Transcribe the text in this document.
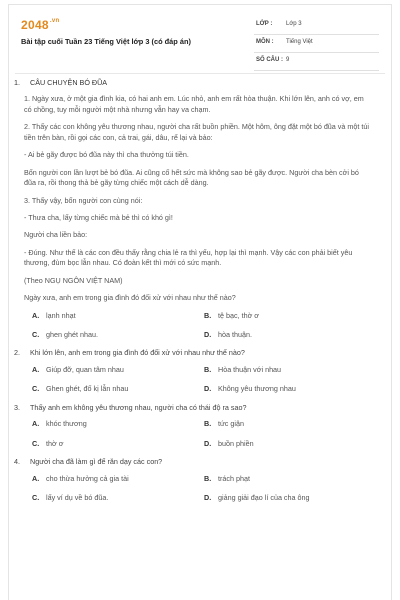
$2048^{.vn}$
Bài tập cuối Tuần 23 Tiếng Việt lớp 3 (có đáp án)
LỚP : Lớp 3
MÔN : Tiếng Việt
SỐ CÂU : 9
1. CÂU CHUYỆN BÓ ĐŨA
1. Ngày xưa, ở một gia đình kia, có hai anh em. Lúc nhỏ, anh em rất hòa thuận. Khi lớn lên, anh có vợ, em có chồng, tuy mỗi người một nhà nhưng vẫn hay va chạm.
2. Thấy các con không yêu thương nhau, người cha rất buồn phiền. Một hôm, ông đặt một bó đũa và một túi tiền trên bàn, rồi gọi các con, cả trai, gái, dâu, rể lại và bảo:
- Ai bẻ gãy được bó đũa này thì cha thưởng túi tiền.
Bốn người con lần lượt bẻ bó đũa. Ai cũng cố hết sức mà không sao bẻ gãy được. Người cha bèn cởi bó đũa ra, rồi thong thả bẻ gãy từng chiếc một cách dễ dàng.
3. Thấy vậy, bốn người con cùng nói:
- Thưa cha, lấy từng chiếc mà bẻ thì có khó gì!
Người cha liền bảo:
- Đúng. Như thế là các con đều thấy rằng chia lẻ ra thì yếu, hợp lại thì mạnh. Vậy các con phải biết yêu thương, đùm bọc lẫn nhau. Có đoàn kết thì mới có sức mạnh.
(Theo NGỤ NGÔN VIỆT NAM)
Ngày xưa, anh em trong gia đình đó đối xử với nhau như thế nào?
A. lạnh nhạt	B. tệ bạc, thờ ơ
C. ghen ghét nhau.	D. hòa thuận.
2. Khi lớn lên, anh em trong gia đình đó đối xử với nhau như thế nào?
A. Giúp đỡ, quan tâm nhau	B. Hòa thuận với nhau
C. Ghen ghét, đố kị lẫn nhau	D. Không yêu thương nhau
3. Thấy anh em không yêu thương nhau, người cha có thái độ ra sao?
A. khóc thương	B. tức giận
C. thờ ơ	D. buồn phiền
4. Người cha đã làm gì để răn dạy các con?
A. cho thừa hưởng cả gia tài	B. trách phạt
C. lấy ví dụ về bó đũa.	D. giảng giải đạo lí của cha ông
